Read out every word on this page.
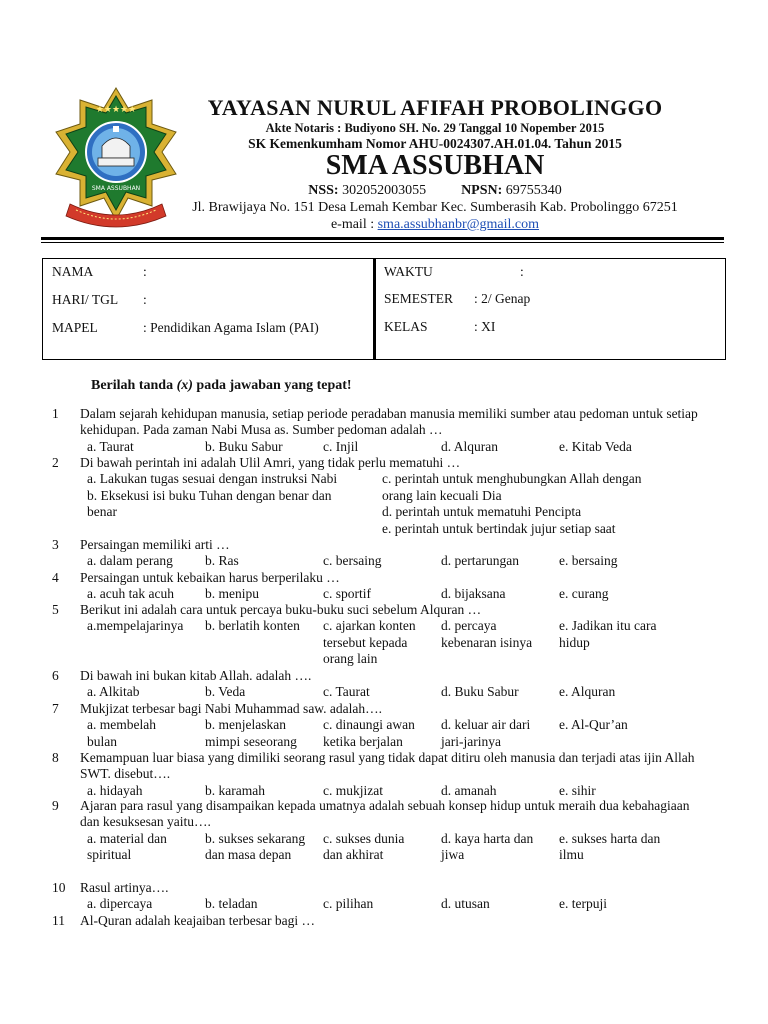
★★★★★
SMA ASSUBHAN
YAYASAN NURUL AFIFAH PROBOLINGGO
Akte Notaris : Budiyono SH. No. 29 Tanggal 10 Nopember 2015
SK Kemenkumham Nomor AHU-0024307.AH.01.04. Tahun 2015
SMA ASSUBHAN
NSS: 302052003055	NPSN: 69755340
Jl. Brawijaya No. 151 Desa Lemah Kembar Kec. Sumberasih Kab. Probolinggo 67251
e-mail : sma.assubhanbr@gmail.com
NAMA	:
HARI/ TGL :
MAPEL	: Pendidikan Agama Islam (PAI)
WAKTU	:
SEMESTER : 2/ Genap
KELAS	: XI
Berilah tanda (x) pada jawaban yang tepat!
1 Dalam sejarah kehidupan manusia, setiap periode peradaban manusia memiliki sumber atau pedoman untuk setiap
kehidupan. Pada zaman Nabi Musa as. Sumber pedoman adalah …
a. Taurat	b. Buku Sabur	c. Injil	d. Alquran	e. Kitab Veda
2 Di bawah perintah ini adalah Ulil Amri, yang tidak perlu mematuhi …
a. Lakukan tugas sesuai dengan instruksi Nabi
b. Eksekusi isi buku Tuhan dengan benar dan
benar
c. perintah untuk menghubungkan Allah dengan
orang lain kecuali Dia
d. perintah untuk mematuhi Pencipta
e. perintah untuk bertindak jujur setiap saat
3 Persaingan memiliki arti …
a. dalam perang b. Ras	c. bersaing	d. pertarungan	e. bersaing
4 Persaingan untuk kebaikan harus berperilaku …
a. acuh tak acuh b. menipu	c. sportif	d. bijaksana	e. curang
5 Berikut ini adalah cara untuk percaya buku-buku suci sebelum Alquran …
a.mempelajarinya b. berlatih konten c. ajarkan konten
tersebut kepada
orang lain
d. percaya
kebenaran isinya
e. Jadikan itu cara
hidup
6 Di bawah ini bukan kitab Allah. adalah ….
a. Alkitab	b. Veda	c. Taurat	d. Buku Sabur	e. Alquran
7 Mukjizat terbesar bagi Nabi Muhammad saw. adalah….
a. membelah
bulan
b. menjelaskan
mimpi seseorang
c. dinaungi awan
ketika berjalan
d. keluar air dari
jari-jarinya
e. Al-Qur’an
8 Kemampuan luar biasa yang dimiliki seorang rasul yang tidak dapat ditiru oleh manusia dan terjadi atas ijin Allah
SWT. disebut….
a. hidayah	b. karamah	c. mukjizat	d. amanah	e. sihir
9 Ajaran para rasul yang disampaikan kepada umatnya adalah sebuah konsep hidup untuk meraih dua kebahagiaan
dan kesuksesan yaitu….
a. material dan
spiritual
b. sukses sekarang
dan masa depan
c. sukses dunia
dan akhirat
d. kaya harta dan
jiwa
e. sukses harta dan
ilmu
10 Rasul artinya….
a. dipercaya	b. teladan	c. pilihan	d. utusan	e. terpuji
11 Al-Quran adalah keajaiban terbesar bagi …
